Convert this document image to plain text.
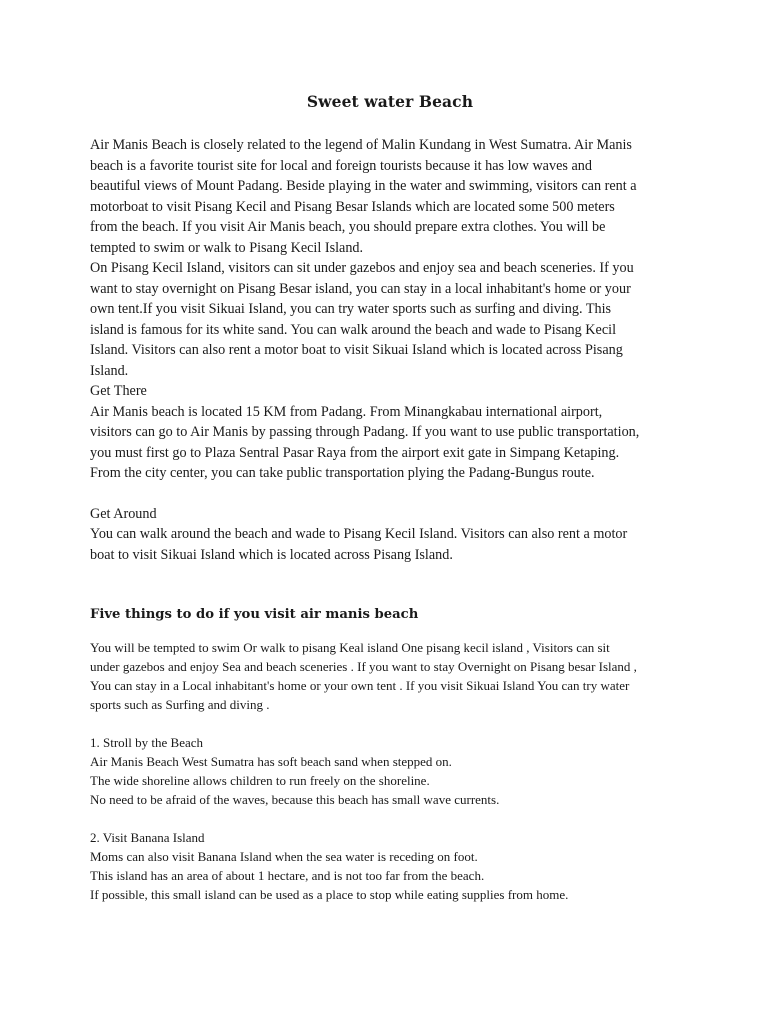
Sweet water Beach
Air Manis Beach is closely related to the legend of Malin Kundang in West Sumatra. Air Manis
beach is a favorite tourist site for local and foreign tourists because it has low waves and
beautiful views of Mount Padang. Beside playing in the water and swimming, visitors can rent a
motorboat to visit Pisang Kecil and Pisang Besar Islands which are located some 500 meters
from the beach. If you visit Air Manis beach, you should prepare extra clothes. You will be
tempted to swim or walk to Pisang Kecil Island.
On Pisang Kecil Island, visitors can sit under gazebos and enjoy sea and beach sceneries. If you
want to stay overnight on Pisang Besar island, you can stay in a local inhabitant's home or your
own tent.If you visit Sikuai Island, you can try water sports such as surfing and diving. This
island is famous for its white sand. You can walk around the beach and wade to Pisang Kecil
Island. Visitors can also rent a motor boat to visit Sikuai Island which is located across Pisang
Island.
Get There
Air Manis beach is located 15 KM from Padang. From Minangkabau international airport,
visitors can go to Air Manis by passing through Padang. If you want to use public transportation,
you must first go to Plaza Sentral Pasar Raya from the airport exit gate in Simpang Ketaping.
From the city center, you can take public transportation plying the Padang-Bungus route.
Get Around
You can walk around the beach and wade to Pisang Kecil Island. Visitors can also rent a motor
boat to visit Sikuai Island which is located across Pisang Island.
Five things to do if you visit air manis beach
You will be tempted to swim Or walk to pisang Keal island One pisang kecil island , Visitors can sit
under gazebos and enjoy Sea and beach sceneries . If you want to stay Overnight on Pisang besar Island ,
You can stay in a Local inhabitant's home or your own tent . If you visit Sikuai Island You can try water
sports such as Surfing and diving .
1. Stroll by the Beach
Air Manis Beach West Sumatra has soft beach sand when stepped on.
The wide shoreline allows children to run freely on the shoreline.
No need to be afraid of the waves, because this beach has small wave currents.
2. Visit Banana Island
Moms can also visit Banana Island when the sea water is receding on foot.
This island has an area of about 1 hectare, and is not too far from the beach.
If possible, this small island can be used as a place to stop while eating supplies from home.
